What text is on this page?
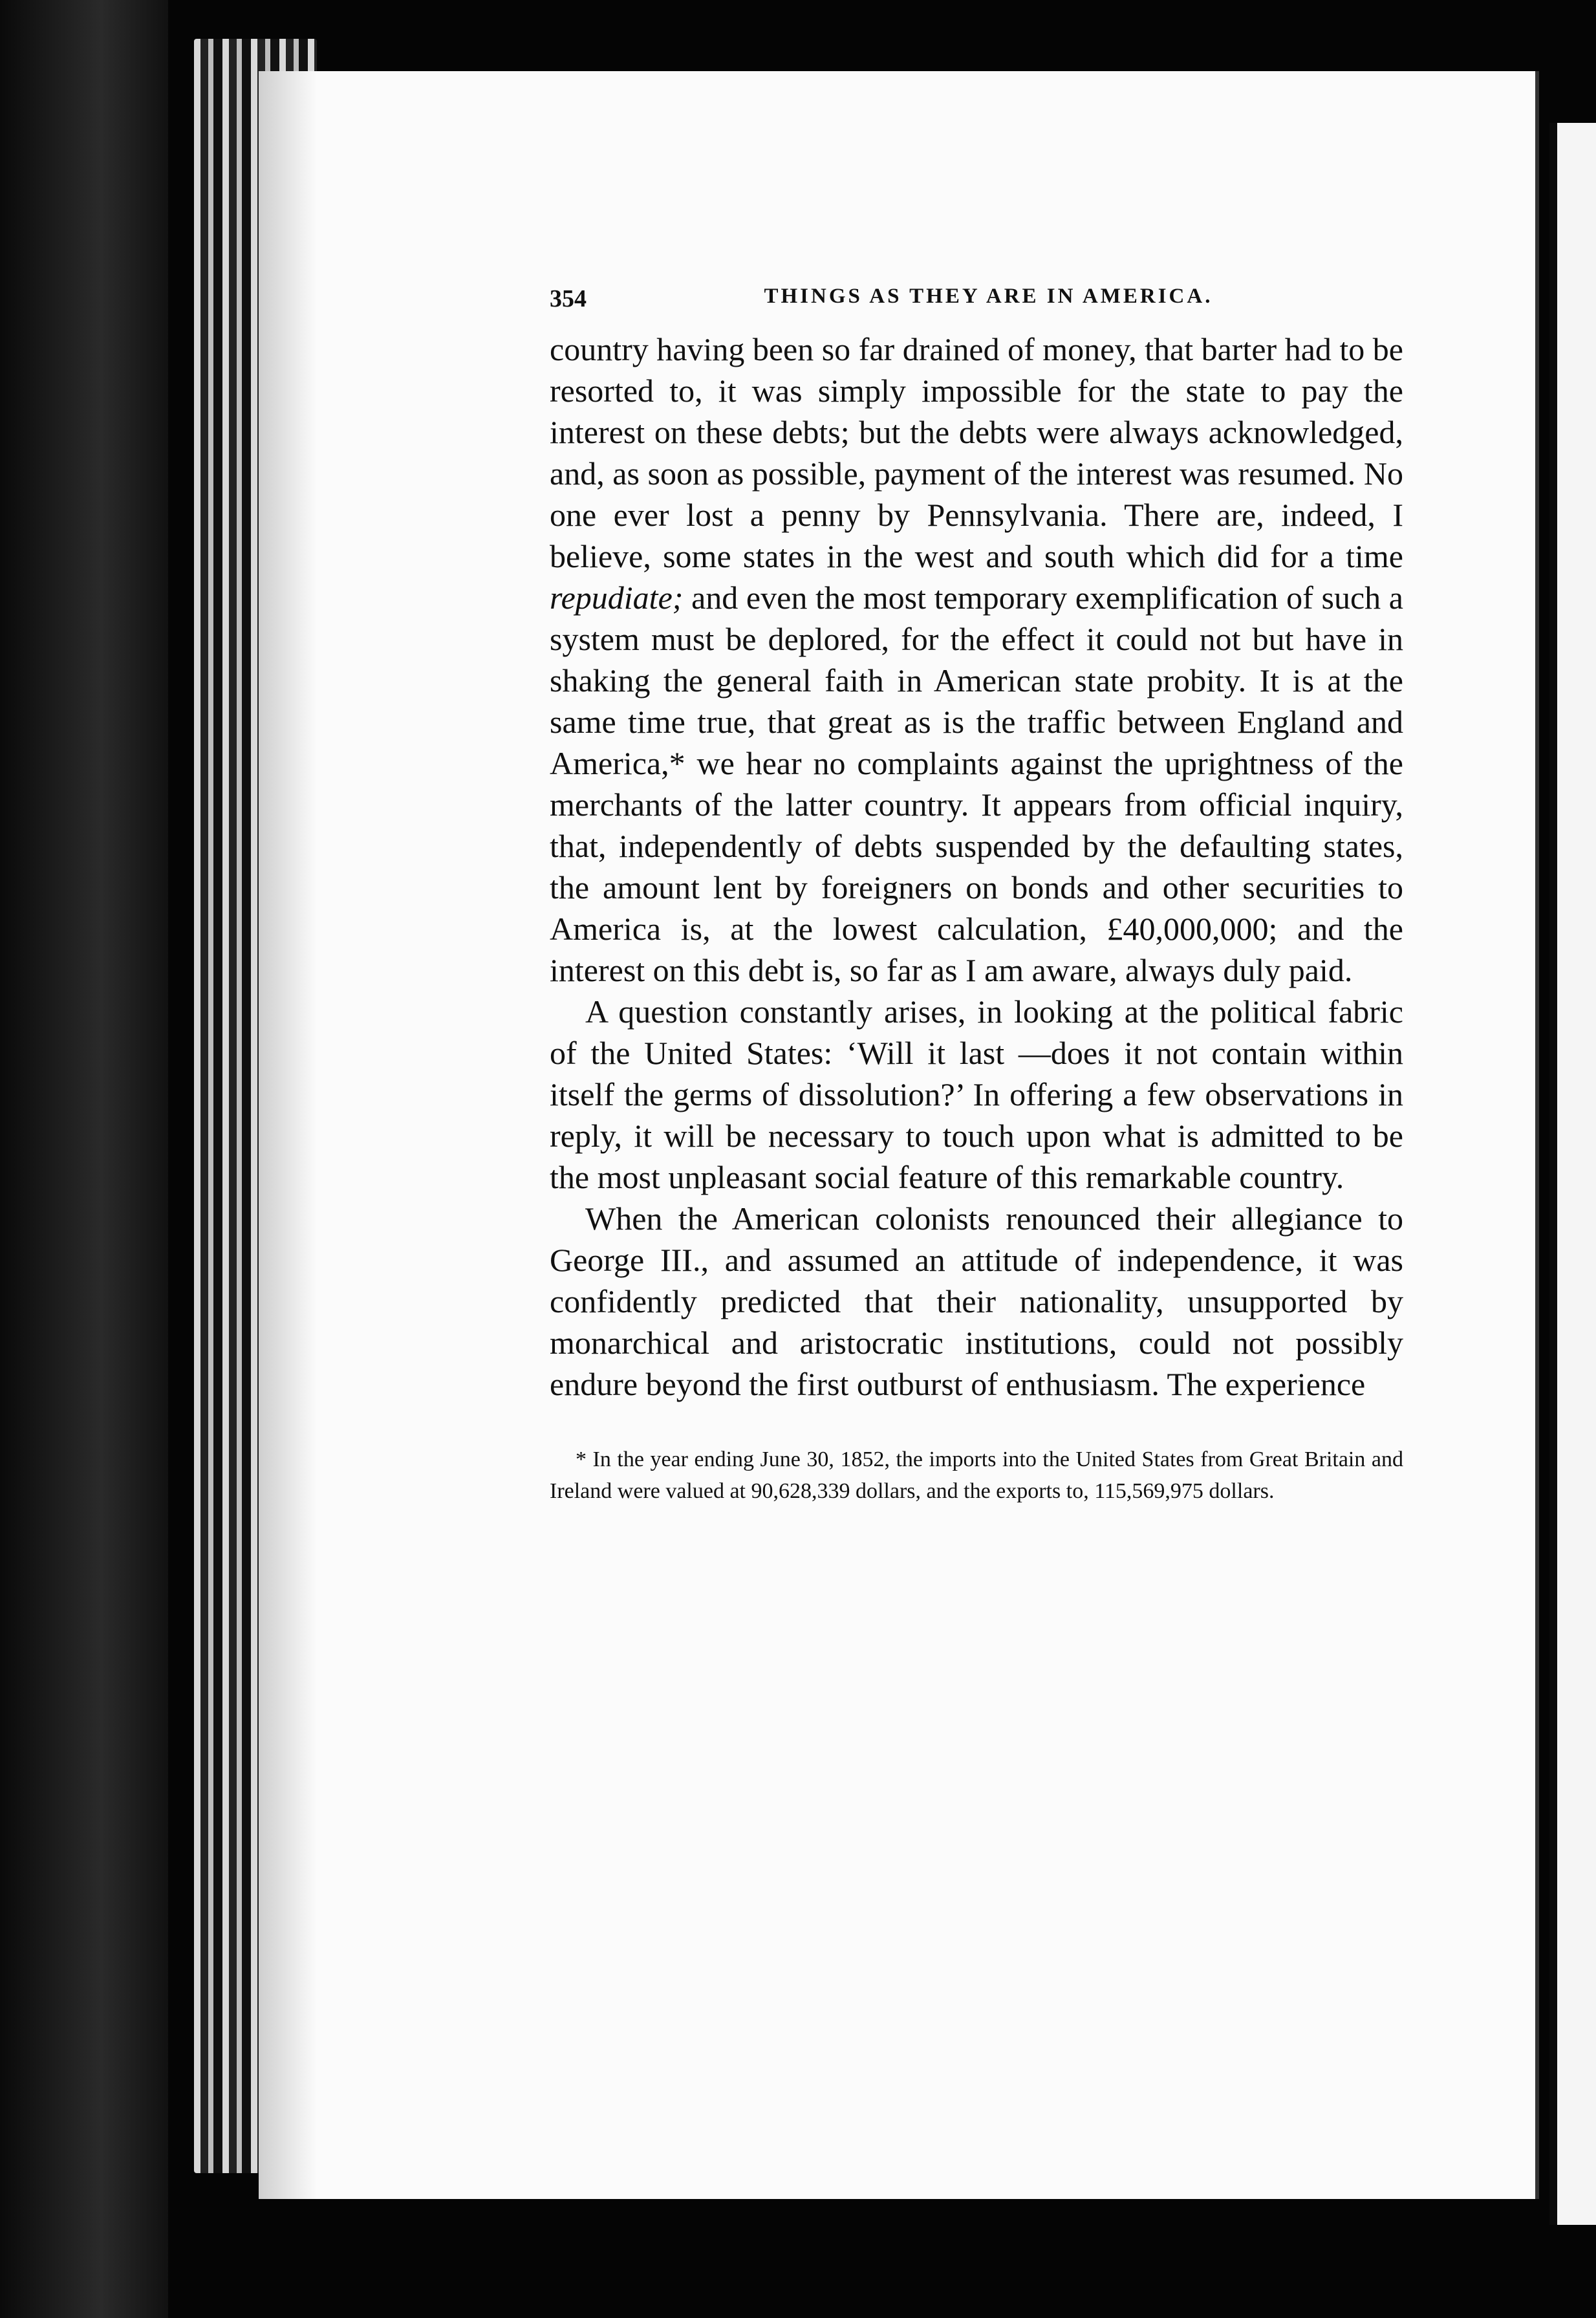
354	THINGS AS THEY ARE IN AMERICA.

country having been so far drained of money, that barter had to be resorted to, it was simply impossible for the state to pay the interest on these debts; but the debts were always acknowledged, and, as soon as possible, payment of the interest was resumed. No one ever lost a penny by Pennsylvania. There are, indeed, I believe, some states in the west and south which did for a time repudiate; and even the most temporary exemplification of such a system must be deplored, for the effect it could not but have in shaking the general faith in American state probity. It is at the same time true, that great as is the traffic between England and America,* we hear no complaints against the uprightness of the merchants of the latter country. It appears from official inquiry, that, independently of debts suspended by the defaulting states, the amount lent by foreigners on bonds and other securities to America is, at the lowest calculation, £40,000,000; and the interest on this debt is, so far as I am aware, always duly paid.

A question constantly arises, in looking at the political fabric of the United States: ‘Will it last —does it not contain within itself the germs of dissolution?’ In offering a few observations in reply, it will be necessary to touch upon what is admitted to be the most unpleasant social feature of this remarkable country.

When the American colonists renounced their allegiance to George III., and assumed an attitude of independence, it was confidently predicted that their nationality, unsupported by monarchical and aristocratic institutions, could not possibly endure beyond the first outburst of enthusiasm. The experience

* In the year ending June 30, 1852, the imports into the United States from Great Britain and Ireland were valued at 90,628,339 dollars, and the exports to, 115,569,975 dollars.
